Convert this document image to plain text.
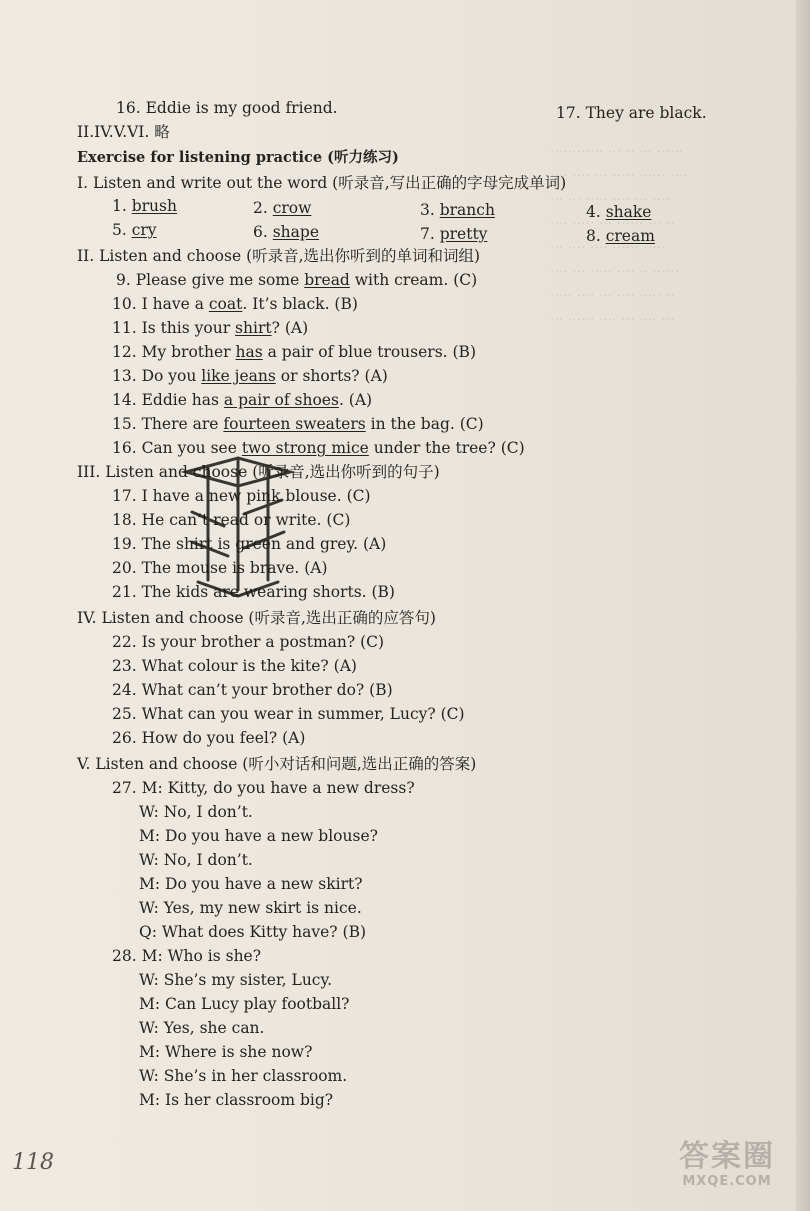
············ ··· ·· ··· ······
···· ···· ··· ····· ······ ····
··· ··· ····· ···· ··· ····
···· ····· ··· ······ ··· ··
··· ···· ···· ······ ·····
···· ··· ····· ···· ·· ······
····· ···· ··· ···· ····· ··
··· ······ ···· ··· ···· ···
16. Eddie is my good friend.
II.IV.V.VI. 略
Exercise for listening practice (听力练习)
I. Listen and write out the word (听录音,写出正确的字母完成单词)
1. brush	2. crow	3. branch	4. shake
5. cry	6. shape	7. pretty	8. cream
II. Listen and choose (听录音,选出你听到的单词和词组)
9. Please give me some bread with cream. (C)
10. I have a coat. It’s black. (B)
11. Is this your shirt? (A)
12. My brother has a pair of blue trousers. (B)
13. Do you like jeans or shorts? (A)
14. Eddie has a pair of shoes. (A)
15. There are fourteen sweaters in the bag. (C)
16. Can you see two strong mice under the tree? (C)
III. Listen and choose (听录音,选出你听到的句子)
17. I have a new pink blouse. (C)
18. He can’t read or write. (C)
19. The shirt is green and grey. (A)
20. The mouse is brave. (A)
21. The kids are wearing shorts. (B)
IV. Listen and choose (听录音,选出正确的应答句)
22. Is your brother a postman? (C)
23. What colour is the kite? (A)
24. What can’t your brother do? (B)
25. What can you wear in summer, Lucy? (C)
26. How do you feel? (A)
V. Listen and choose (听小对话和问题,选出正确的答案)
27. M: Kitty, do you have a new dress?
W: No, I don’t.
M: Do you have a new blouse?
W: No, I don’t.
M: Do you have a new skirt?
W: Yes, my new skirt is nice.
Q: What does Kitty have? (B)
28. M: Who is she?
W: She’s my sister, Lucy.
M: Can Lucy play football?
W: Yes, she can.
M: Where is she now?
W: She’s in her classroom.
M: Is her classroom big?
17. They are black.
118	答案圈
MXQE.COM
